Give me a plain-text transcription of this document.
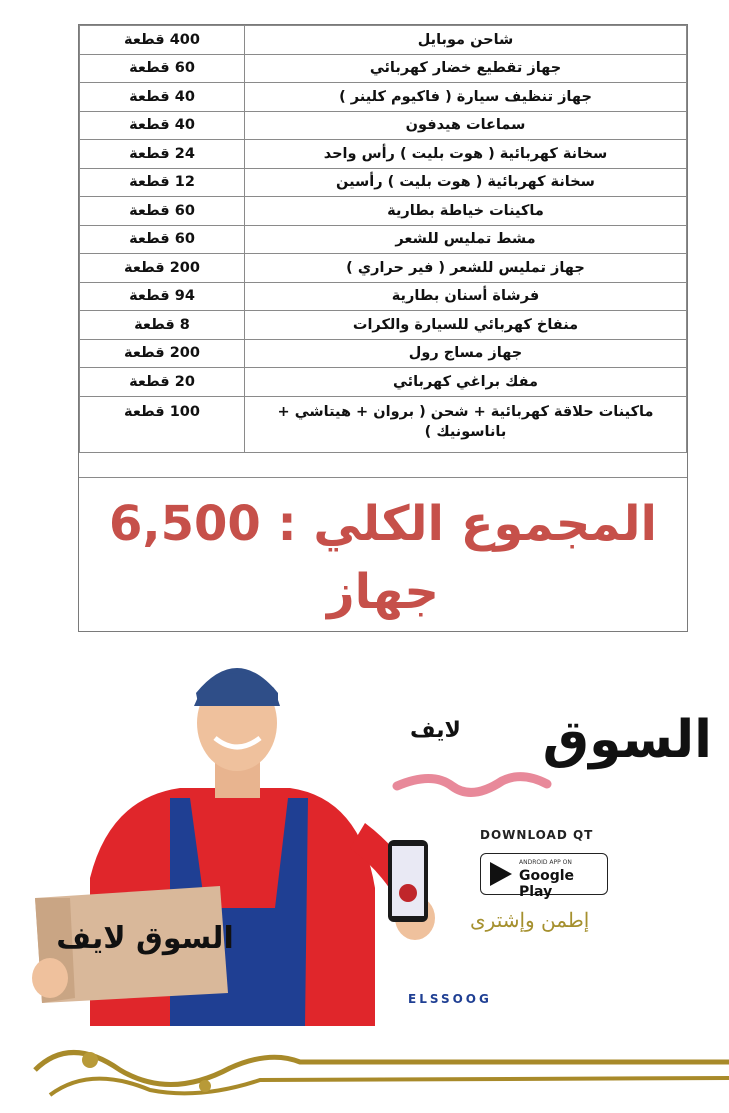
شاحن موبايل	400 قطعة
جهاز تقطيع خضار كهربائي	60 قطعة
جهاز تنظيف سيارة ( فاكيوم كلينر )	40 قطعة
سماعات هيدفون	40 قطعة
سخانة كهربائية ( هوت بليت ) رأس واحد	24 قطعة
سخانة كهربائية ( هوت بليت ) رأسين	12 قطعة
ماكينات خياطة بطارية	60 قطعة
مشط تمليس للشعر	60 قطعة
جهاز تمليس للشعر ( فير حراري )	200 قطعة
فرشاة أسنان بطارية	94 قطعة
منفاخ كهربائي للسيارة والكرات	8 قطعة
جهاز مساج رول	200 قطعة
مفك براغي كهربائي	20 قطعة
ماكينات حلاقة كهربائية + شحن ( بروان + هيتاشي + باناسونيك )	100 قطعة
المجموع الكلي : 6,500
جهاز
السوق لايف
السوق
لايف
DOWNLOAD QT
ANDROID APP ON
Google Play
إطمن وإشترى
ELSSOOG
